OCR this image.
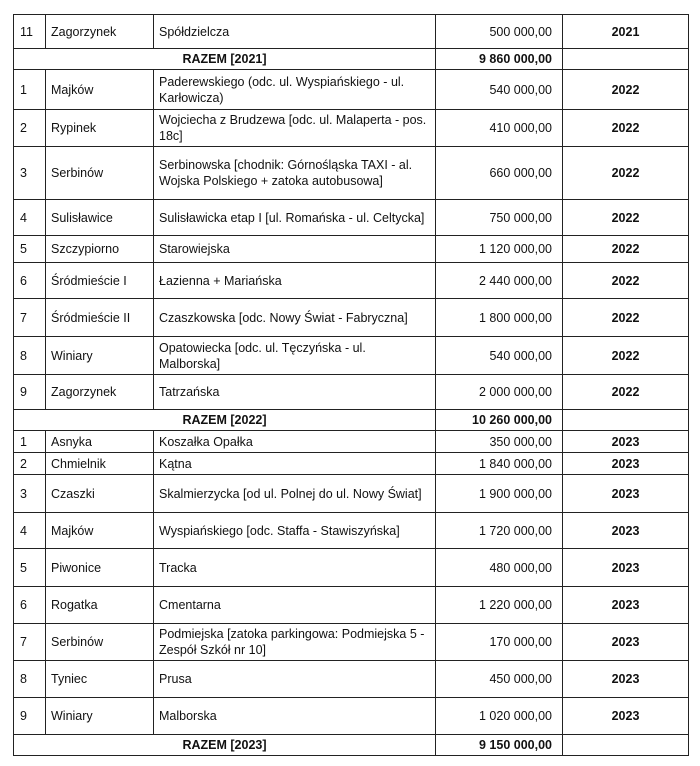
11	Zagorzynek	Spółdzielcza	500 000,00	2021
RAZEM [2021]			9 860 000,00	
1	Majków	Paderewskiego (odc. ul. Wyspiańskiego - ul. Karłowicza)	540 000,00	2022
2	Rypinek	Wojciecha z Brudzewa [odc. ul. Malaperta - pos. 18c]	410 000,00	2022
3	Serbinów	Serbinowska [chodnik: Górnośląska TAXI - al. Wojska Polskiego + zatoka autobusowa]	660 000,00	2022
4	Sulisławice	Sulisławicka etap I [ul. Romańska - ul. Celtycka]	750 000,00	2022
5	Szczypiorno	Starowiejska	1 120 000,00	2022
6	Śródmieście I	Łazienna + Mariańska	2 440 000,00	2022
7	Śródmieście II	Czaszkowska [odc. Nowy Świat - Fabryczna]	1 800 000,00	2022
8	Winiary	Opatowiecka [odc. ul. Tęczyńska - ul. Malborska]	540 000,00	2022
9	Zagorzynek	Tatrzańska	2 000 000,00	2022
RAZEM [2022]			10 260 000,00	
1	Asnyka	Koszałka Opałka	350 000,00	2023
2	Chmielnik	Kątna	1 840 000,00	2023
3	Czaszki	Skalmierzycka [od ul. Polnej do ul. Nowy Świat]	1 900 000,00	2023
4	Majków	Wyspiańskiego [odc. Staffa - Stawiszyńska]	1 720 000,00	2023
5	Piwonice	Tracka	480 000,00	2023
6	Rogatka	Cmentarna	1 220 000,00	2023
7	Serbinów	Podmiejska [zatoka parkingowa: Podmiejska 5 - Zespół Szkół nr 10]	170 000,00	2023
8	Tyniec	Prusa	450 000,00	2023
9	Winiary	Malborska	1 020 000,00	2023
RAZEM [2023]			9 150 000,00	
